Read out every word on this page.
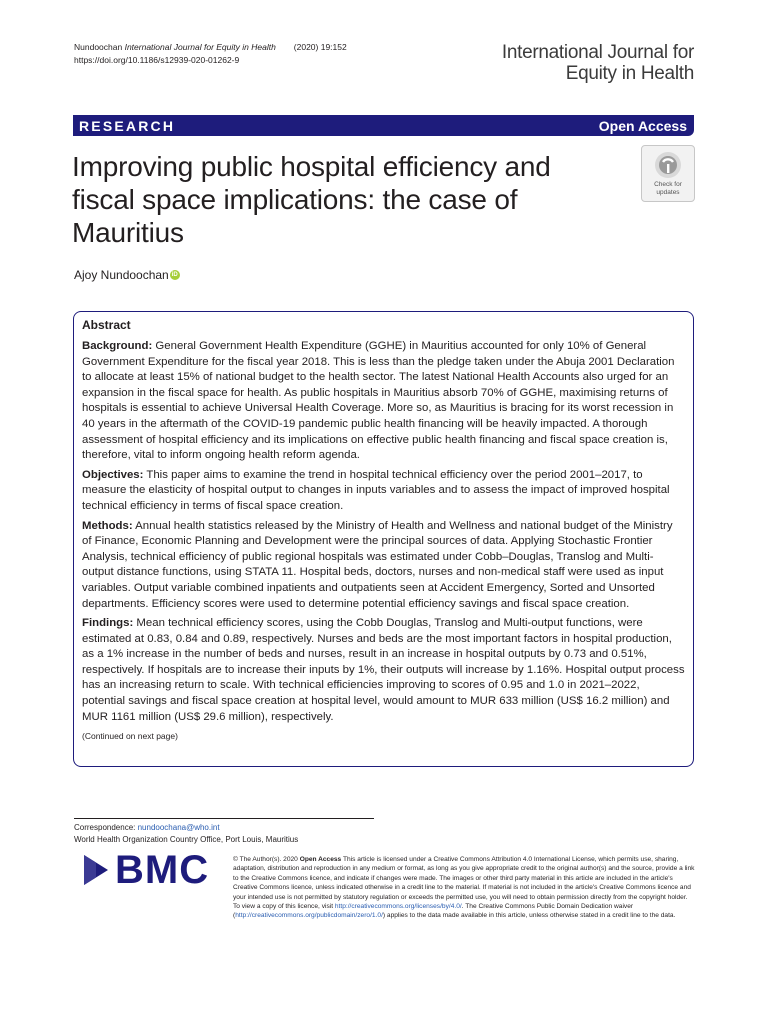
Nundoochan International Journal for Equity in Health (2020) 19:152
https://doi.org/10.1186/s12939-020-01262-9	International Journal for
Equity in Health
RESEARCH	Open Access
Improving public hospital efficiency and fiscal space implications: the case of Mauritius
Check for
updates
Ajoy Nundoochan iD
Abstract

Background: General Government Health Expenditure (GGHE) in Mauritius accounted for only 10% of General Government Expenditure for the fiscal year 2018. This is less than the pledge taken under the Abuja 2001 Declaration to allocate at least 15% of national budget to the health sector. The latest National Health Accounts also urged for an expansion in the fiscal space for health. As public hospitals in Mauritius absorb 70% of GGHE, maximising returns of hospitals is essential to achieve Universal Health Coverage. More so, as Mauritius is bracing for its worst recession in 40 years in the aftermath of the COVID-19 pandemic public health financing will be heavily impacted. A thorough assessment of hospital efficiency and its implications on effective public health financing and fiscal space creation is, therefore, vital to inform ongoing health reform agenda.

Objectives: This paper aims to examine the trend in hospital technical efficiency over the period 2001–2017, to measure the elasticity of hospital output to changes in inputs variables and to assess the impact of improved hospital technical efficiency in terms of fiscal space creation.

Methods: Annual health statistics released by the Ministry of Health and Wellness and national budget of the Ministry of Finance, Economic Planning and Development were the principal sources of data. Applying Stochastic Frontier Analysis, technical efficiency of public regional hospitals was estimated under Cobb–Douglas, Translog and Multi-output distance functions, using STATA 11. Hospital beds, doctors, nurses and non-medical staff were used as input variables. Output variable combined inpatients and outpatients seen at Accident Emergency, Sorted and Unsorted departments. Efficiency scores were used to determine potential efficiency savings and fiscal space creation.

Findings: Mean technical efficiency scores, using the Cobb Douglas, Translog and Multi-output functions, were estimated at 0.83, 0.84 and 0.89, respectively. Nurses and beds are the most important factors in hospital production, as a 1% increase in the number of beds and nurses, result in an increase in hospital outputs by 0.73 and 0.51%, respectively. If hospitals are to increase their inputs by 1%, their outputs will increase by 1.16%. Hospital output process has an increasing return to scale. With technical efficiencies improving to scores of 0.95 and 1.0 in 2021–2022, potential savings and fiscal space creation at hospital level, would amount to MUR 633 million (US$ 16.2 million) and MUR 1161 million (US$ 29.6 million), respectively.

(Continued on next page)
Correspondence: nundoochana@who.int
World Health Organization Country Office, Port Louis, Mauritius
BMC	© The Author(s). 2020 Open Access This article is licensed under a Creative Commons Attribution 4.0 International License, which permits use, sharing, adaptation, distribution and reproduction in any medium or format, as long as you give appropriate credit to the original author(s) and the source, provide a link to the Creative Commons licence, and indicate if changes were made. The images or other third party material in this article are included in the article's Creative Commons licence, unless indicated otherwise in a credit line to the material. If material is not included in the article's Creative Commons licence and your intended use is not permitted by statutory regulation or exceeds the permitted use, you will need to obtain permission directly from the copyright holder. To view a copy of this licence, visit http://creativecommons.org/licenses/by/4.0/. The Creative Commons Public Domain Dedication waiver (http://creativecommons.org/publicdomain/zero/1.0/) applies to the data made available in this article, unless otherwise stated in a credit line to the data.
